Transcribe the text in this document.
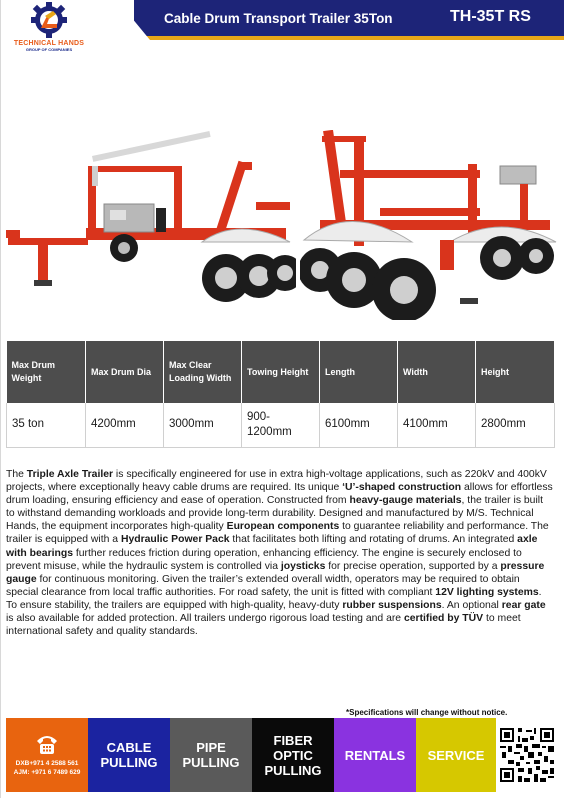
TECHNICAL HANDS
GROUP OF COMPANIES
Cable Drum Transport Trailer 35Ton	TH-35T RS
Max Drum Weight	Max Drum Dia	Max Clear Loading Width	Towing Height	Length	Width	Height
35 ton	4200mm	3000mm	900-1200mm	6100mm	4100mm	2800mm

The Triple Axle Trailer is specifically engineered for use in extra high-voltage applications, such as 220kV and 400kV projects, where exceptionally heavy cable drums are required. Its unique ‘U’-shaped construction allows for effortless drum loading, ensuring efficiency and ease of operation. Constructed from heavy-gauge materials, the trailer is built to withstand demanding workloads and provide long-term durability. Designed and manufactured by M/S. Technical Hands, the equipment incorporates high-quality European components to guarantee reliability and performance. The trailer is equipped with a Hydraulic Power Pack that facilitates both lifting and rotating of drums. An integrated axle with bearings further reduces friction during operation, enhancing efficiency. The engine is securely enclosed to prevent misuse, while the hydraulic system is controlled via joysticks for precise operation, supported by a pressure gauge for continuous monitoring. Given the trailer’s extended overall width, operators may be required to obtain special clearance from local traffic authorities. For road safety, the unit is fitted with compliant 12V lighting systems. To ensure stability, the trailers are equipped with high-quality, heavy-duty rubber suspensions. An optional rear gate is also available for added protection. All trailers undergo rigorous load testing and are certified by TÜV to meet international safety and quality standards.

*Specifications will change without notice.
DXB+971 4 2588 561
AJM: +971 6 7489 629
CABLE
PULLING
PIPE
PULLING
FIBER
OPTIC
PULLING
RENTALS SERVICE
